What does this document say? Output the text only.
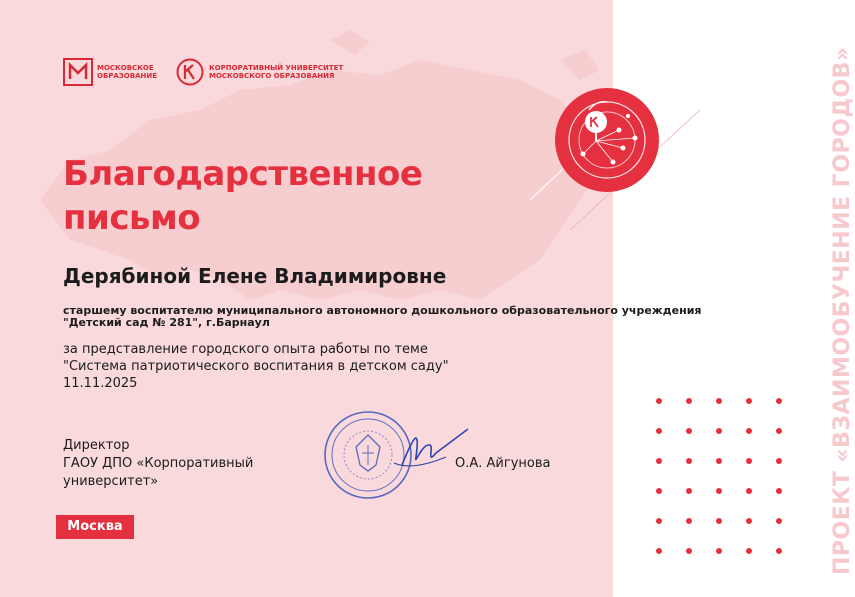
ПРОЕКТ «ВЗАИМООБУЧЕНИЕ ГОРОДОВ»
МОСКОВСКОЕ ОБРАЗОВАНИЕ
КОРПОРАТИВНЫЙ УНИВЕРСИТЕТ
МОСКОВСКОГО ОБРАЗОВАНИЯ
Благодарственное
письмо
Дерябиной Елене Владимировне
старшему воспитателю муниципального автономного дошкольного образовательного учреждения
"Детский сад № 281", г.Барнаул
за представление городского опыта работы по теме
"Система патриотического воспитания в детском саду"
11.11.2025
Директор
ГАОУ ДПО «Корпоративный
университет»
О.А. Айгунова
Москва
